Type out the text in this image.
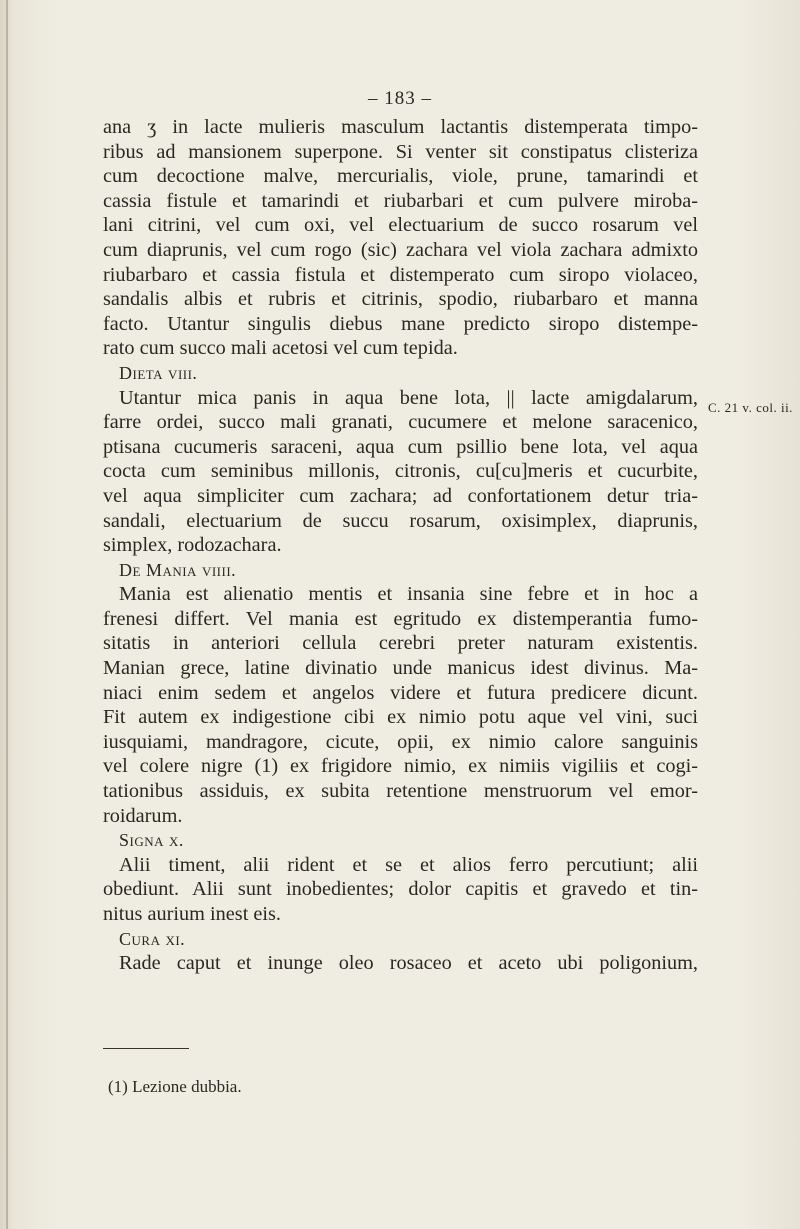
– 183 –
ana ʒ in lacte mulieris masculum lactantis distemperata timpo-
ribus ad mansionem superpone. Si venter sit constipatus clisteriza
cum decoctione malve, mercurialis, viole, prune, tamarindi et
cassia fistule et tamarindi et riubarbari et cum pulvere miroba-
lani citrini, vel cum oxi, vel electuarium de succo rosarum vel
cum diaprunis, vel cum rogo (sic) zachara vel viola zachara admixto
riubarbaro et cassia fistula et distemperato cum siropo violaceo,
sandalis albis et rubris et citrinis, spodio, riubarbaro et manna
facto. Utantur singulis diebus mane predicto siropo distempe-
rato cum succo mali acetosi vel cum tepida.
Dieta viii.
Utantur mica panis in aqua bene lota, || lacte amigdalarum,
farre ordei, succo mali granati, cucumere et melone saracenico,
ptisana cucumeris saraceni, aqua cum psillio bene lota, vel aqua
cocta cum seminibus millonis, citronis, cu[cu]meris et cucurbite,
vel aqua simpliciter cum zachara; ad confortationem detur tria-
sandali, electuarium de succu rosarum, oxisimplex, diaprunis,
simplex, rodozachara.
De Mania viiii.
Mania est alienatio mentis et insania sine febre et in hoc a
frenesi differt. Vel mania est egritudo ex distemperantia fumo-
sitatis in anteriori cellula cerebri preter naturam existentis.
Manian grece, latine divinatio unde manicus idest divinus. Ma-
niaci enim sedem et angelos videre et futura predicere dicunt.
Fit autem ex indigestione cibi ex nimio potu aque vel vini, suci
iusquiami, mandragore, cicute, opii, ex nimio calore sanguinis
vel colere nigre (1) ex frigidore nimio, ex nimiis vigiliis et cogi-
tationibus assiduis, ex subita retentione menstruorum vel emor-
roidarum.
Signa x.
Alii timent, alii rident et se et alios ferro percutiunt; alii
obediunt. Alii sunt inobedientes; dolor capitis et gravedo et tin-
nitus aurium inest eis.
Cura xi.
Rade caput et inunge oleo rosaceo et aceto ubi poligonium,
C. 21 v. col. ii.
(1) Lezione dubbia.
